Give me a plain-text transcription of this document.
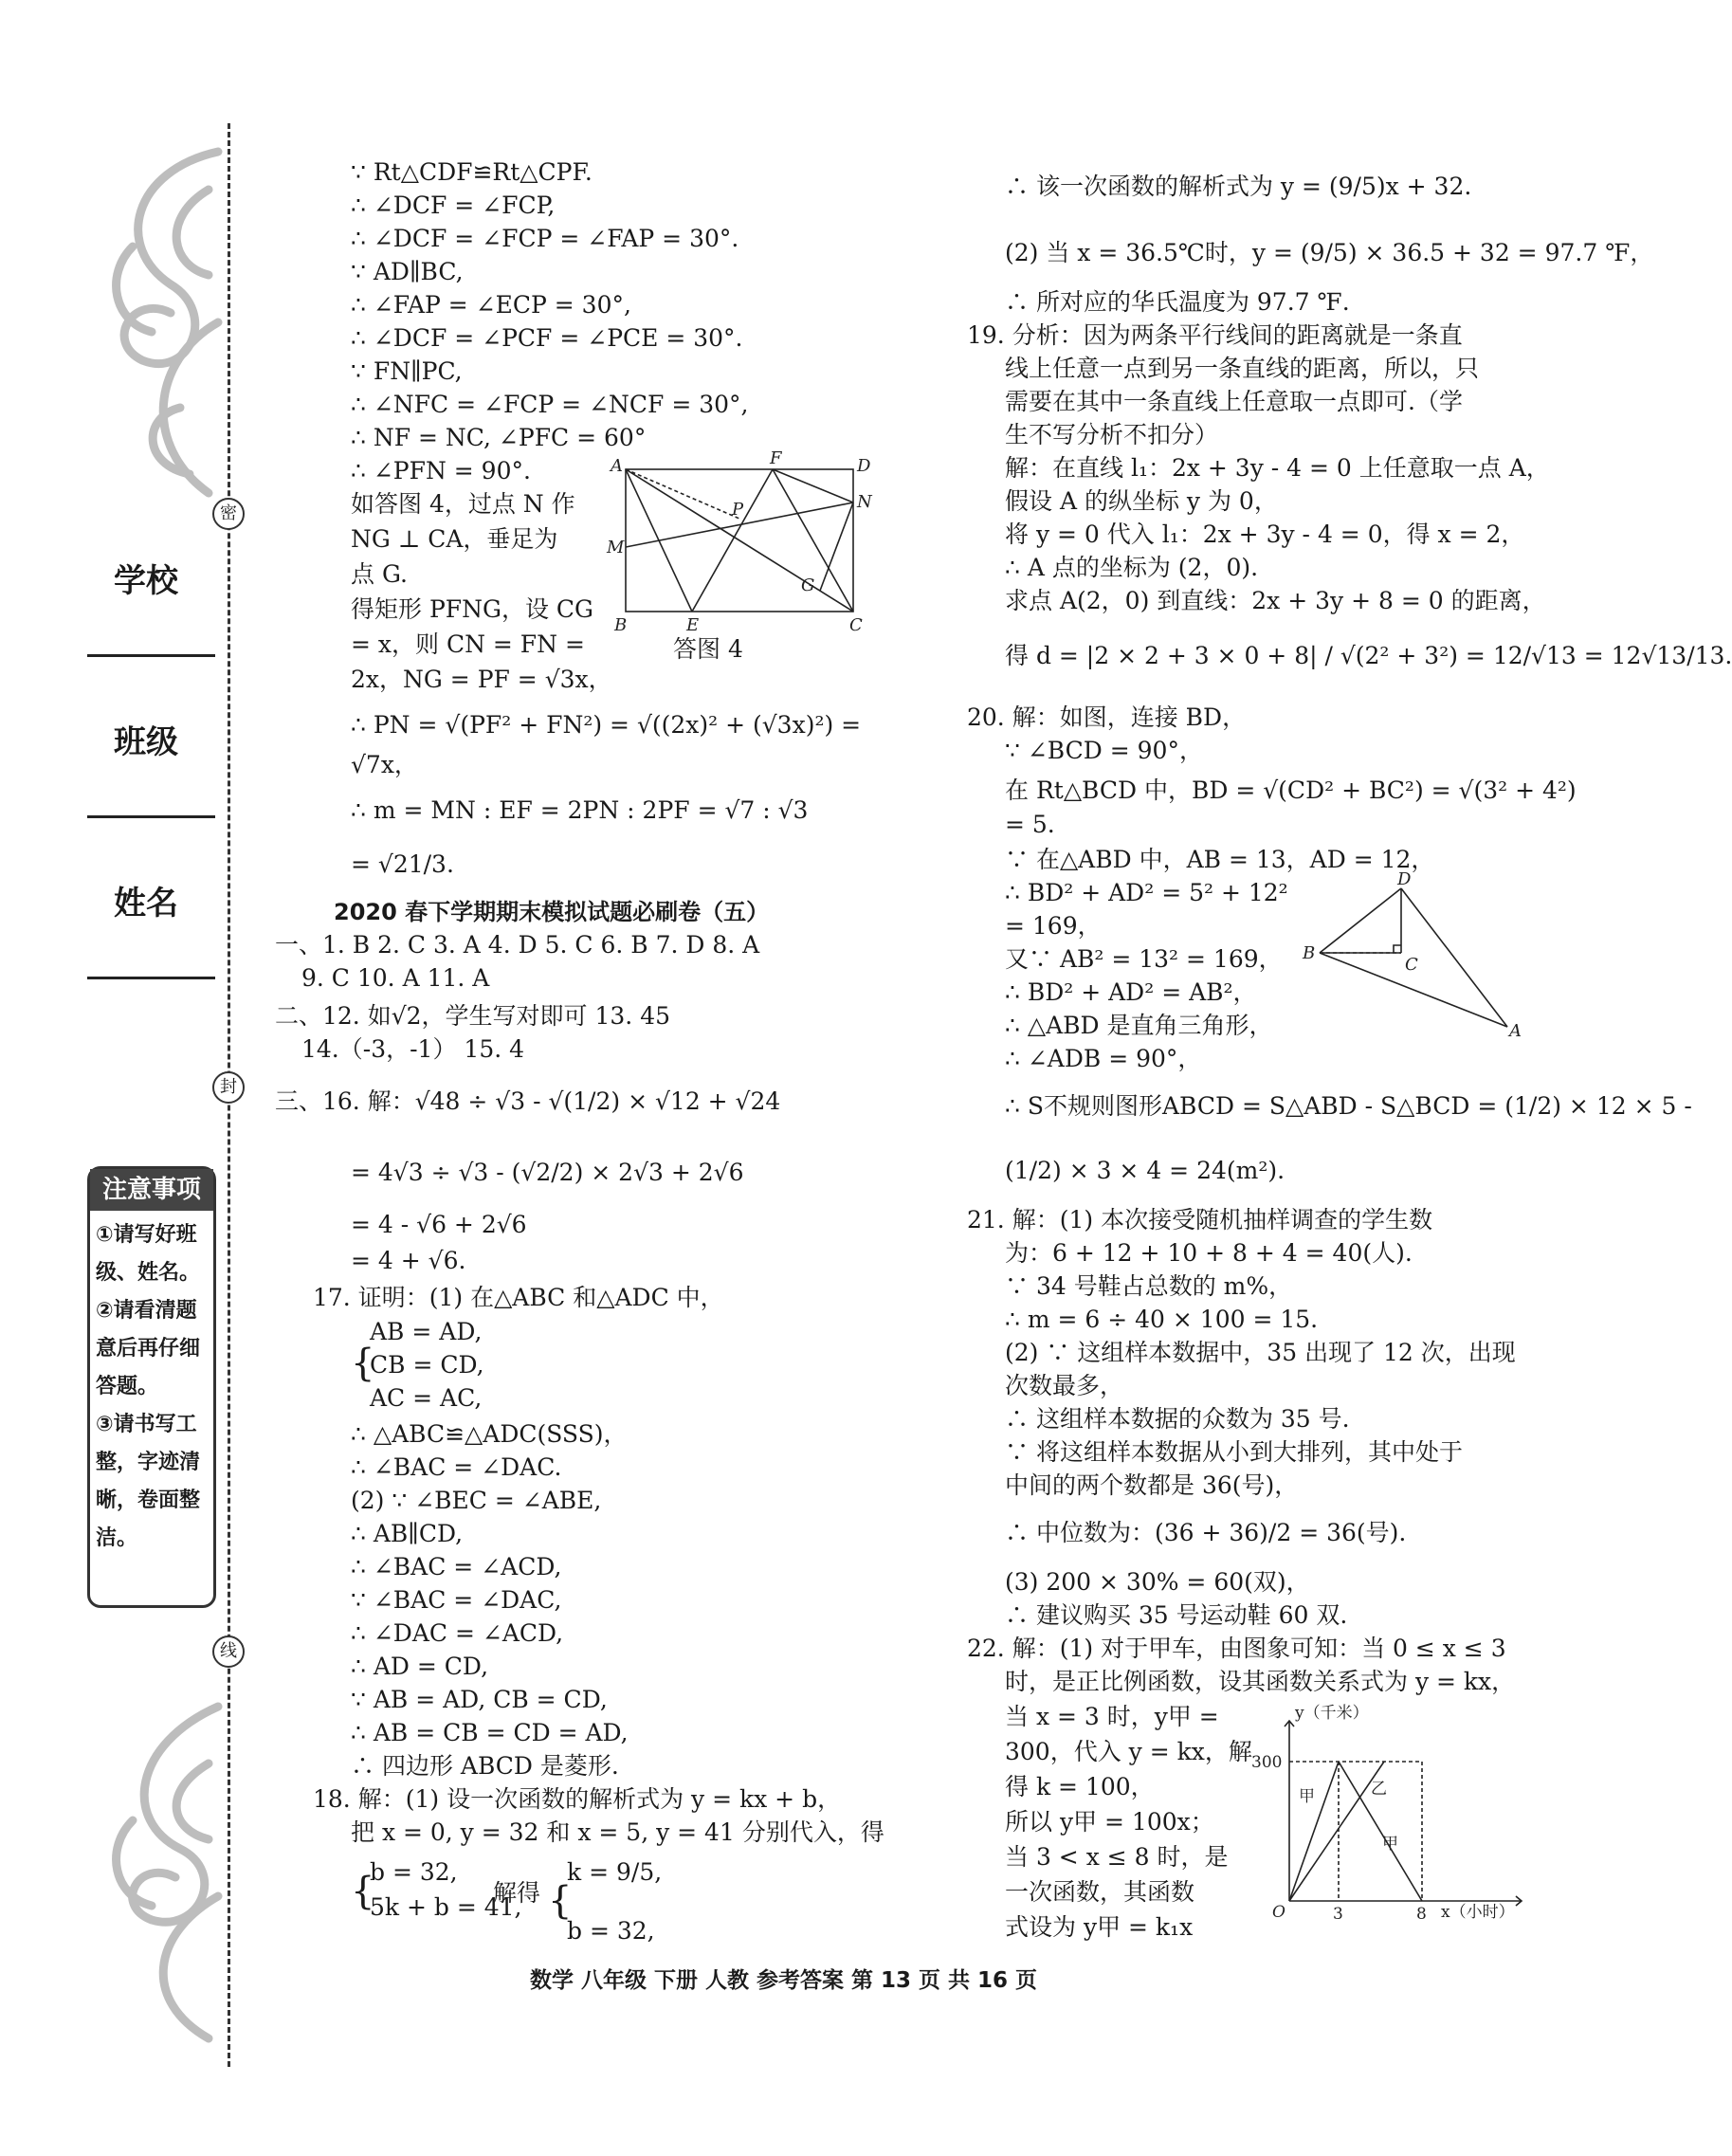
密
封
线
学校
班级
姓名
注意事项
①请写好班
级、姓名。
②请看清题
意后再仔细
答题。
③请书写工
整，字迹清
晰，卷面整
洁。
∵ Rt△CDF≌Rt△CPF.
∴ ∠DCF = ∠FCP,
∴ ∠DCF = ∠FCP = ∠FAP = 30°.
∵ AD∥BC,
∴ ∠FAP = ∠ECP = 30°,
∴ ∠DCF = ∠PCF = ∠PCE = 30°.
∵ FN∥PC,
∴ ∠NFC = ∠FCP = ∠NCF = 30°,
∴ NF = NC, ∠PFC = 60°
∴ ∠PFN = 90°.
如答图 4，过点 N 作
NG ⊥ CA，垂足为
点 G.
得矩形 PFNG，设 CG
= x，则 CN = FN =
2x，NG = PF = √3x，
∴ PN = √(PF² + FN²) = √((2x)² + (√3x)²) =
√7x，
∴ m = MN : EF = 2PN : 2PF = √7 : √3
= √21/3.
2020 春下学期期末模拟试题必刷卷（五）
一、1. B 2. C 3. A 4. D 5. C 6. B 7. D 8. A
9. C 10. A 11. A
二、12. 如√2，学生写对即可 13. 45
14.（-3，-1） 15. 4
三、16. 解：√48 ÷ √3 - √(1/2) × √12 + √24
= 4√3 ÷ √3 - (√2/2) × 2√3 + 2√6
= 4 - √6 + 2√6
= 4 + √6.
17. 证明：(1) 在△ABC 和△ADC 中，
{
AB = AD,
CB = CD,
AC = AC,
∴ △ABC≌△ADC(SSS)，
∴ ∠BAC = ∠DAC.
(2) ∵ ∠BEC = ∠ABE,
∴ AB∥CD,
∴ ∠BAC = ∠ACD,
∵ ∠BAC = ∠DAC,
∴ ∠DAC = ∠ACD,
∴ AD = CD,
∵ AB = AD, CB = CD,
∴ AB = CB = CD = AD,
∴ 四边形 ABCD 是菱形.
18. 解：(1) 设一次函数的解析式为 y = kx + b，
把 x = 0, y = 32 和 x = 5, y = 41 分别代入，得
{
b = 32,
5k + b = 41,
解得 {
k = 9/5,
b = 32,
A	F	D
P	N
M
G
B	E	C
答图 4
∴ 该一次函数的解析式为 y = (9/5)x + 32.
(2) 当 x = 36.5℃时，y = (9/5) × 36.5 + 32 = 97.7 ℉，
∴ 所对应的华氏温度为 97.7 ℉.
19. 分析：因为两条平行线间的距离就是一条直
线上任意一点到另一条直线的距离，所以，只
需要在其中一条直线上任意取一点即可.（学
生不写分析不扣分）
解：在直线 l₁：2x + 3y - 4 = 0 上任意取一点 A，
假设 A 的纵坐标 y 为 0，
将 y = 0 代入 l₁：2x + 3y - 4 = 0，得 x = 2，
∴ A 点的坐标为 (2，0).
求点 A(2，0) 到直线：2x + 3y + 8 = 0 的距离，
得 d = |2 × 2 + 3 × 0 + 8| / √(2² + 3²) = 12/√13 = 12√13/13.
20. 解：如图，连接 BD，
∵ ∠BCD = 90°，
在 Rt△BCD 中，BD = √(CD² + BC²) = √(3² + 4²)
= 5.
∵ 在△ABD 中，AB = 13，AD = 12，
∴ BD² + AD² = 5² + 12²
= 169，
又∵ AB² = 13² = 169，
∴ BD² + AD² = AB²，
∴ △ABD 是直角三角形，
∴ ∠ADB = 90°，
∴ S不规则图形ABCD = S△ABD - S△BCD = (1/2) × 12 × 5 -
(1/2) × 3 × 4 = 24(m²).
21. 解：(1) 本次接受随机抽样调查的学生数
为：6 + 12 + 10 + 8 + 4 = 40(人).
∵ 34 号鞋占总数的 m%，
∴ m = 6 ÷ 40 × 100 = 15.
(2) ∵ 这组样本数据中，35 出现了 12 次，出现
次数最多，
∴ 这组样本数据的众数为 35 号.
∵ 将这组样本数据从小到大排列，其中处于
中间的两个数都是 36(号)，
∴ 中位数为：(36 + 36)/2 = 36(号).
(3) 200 × 30% = 60(双)，
∴ 建议购买 35 号运动鞋 60 双.
22. 解：(1) 对于甲车，由图象可知：当 0 ≤ x ≤ 3
时，是正比例函数，设其函数关系式为 y = kx，
当 x = 3 时，y甲 =
300，代入 y = kx，解
得 k = 100，
所以 y甲 = 100x；
当 3 < x ≤ 8 时，是
一次函数，其函数
式设为 y甲 = k₁x
D
B
C
A
y（千米）
300
3	8 x（小时）
O
甲	乙
甲
数学 八年级 下册 人教 参考答案 第 13 页 共 16 页
